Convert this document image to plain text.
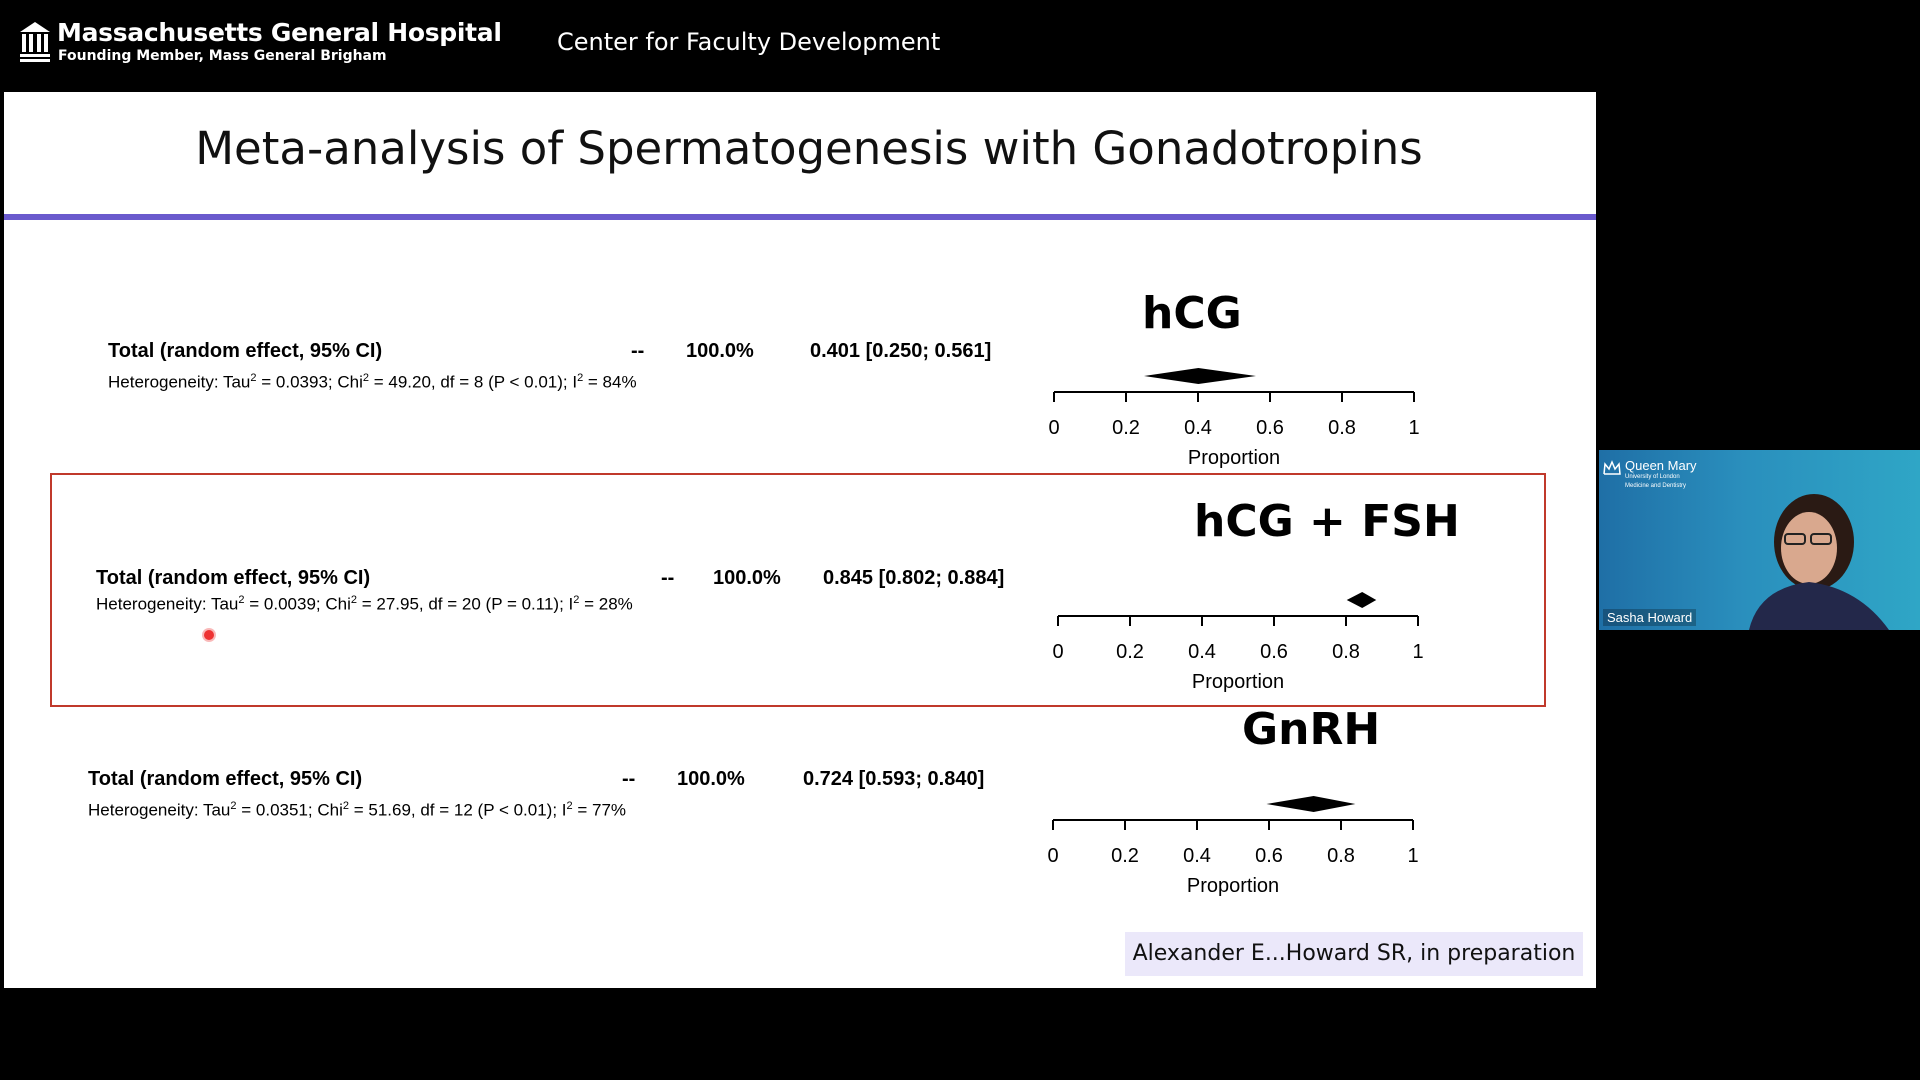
Massachusetts General Hospital
Founding Member, Mass General Brigham	Center for Faculty Development
Meta-analysis of Spermatogenesis with Gonadotropins
hCG
Total (random effect, 95% CI)	-- 100.0%	0.401 [0.250; 0.561]
Heterogeneity: Tau$^2$ = 0.0393; Chi$^2$ = 49.20, df = 8 (P < 0.01); $I^2 = 84\%$
0	0.2 0.4 0.6 0.8	1
Proportion
hCG + FSH
Total (random effect, 95% CI)	-- 100.0% 0.845 [0.802; 0.884]
Heterogeneity: Tau$^2$ = 0.0039; Chi$^2$ = 27.95, df = 20 (P = 0.11); $I^2 = 28\%$
0	0.2 0.4 0.6 0.8	1
Proportion
GnRH
Total (random effect, 95% CI)	-- 100.0%	0.724 [0.593; 0.840]
Heterogeneity: Tau$^2$ = 0.0351; Chi$^2$ = 51.69, df = 12 (P < 0.01); $I^2 = 77\%$
0	0.2 0.4 0.6 0.8	1
Proportion
Alexander E...Howard SR, in preparation
Queen Mary
University of London
Medicine and Dentistry
Sasha Howard
